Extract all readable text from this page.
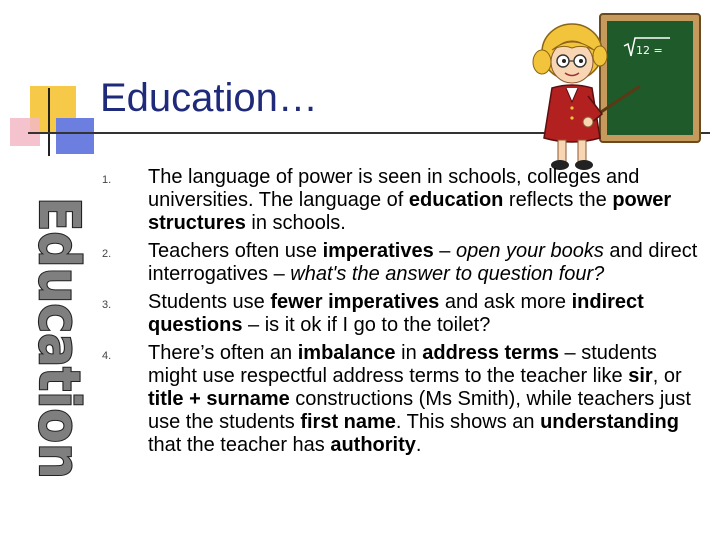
Education…
Education
12 =
1. The language of power is seen in schools, colleges and universities. The language of education reflects the power structures in schools.
2. Teachers often use imperatives – open your books and direct interrogatives – what's the answer to question four?
3. Students use fewer imperatives and ask more indirect questions – is it ok if I go to the toilet?
4. There’s often an imbalance in address terms – students might use respectful address terms to the teacher like sir, or title + surname constructions (Ms Smith), while teachers just use the students first name. This shows an understanding that the teacher has authority.
